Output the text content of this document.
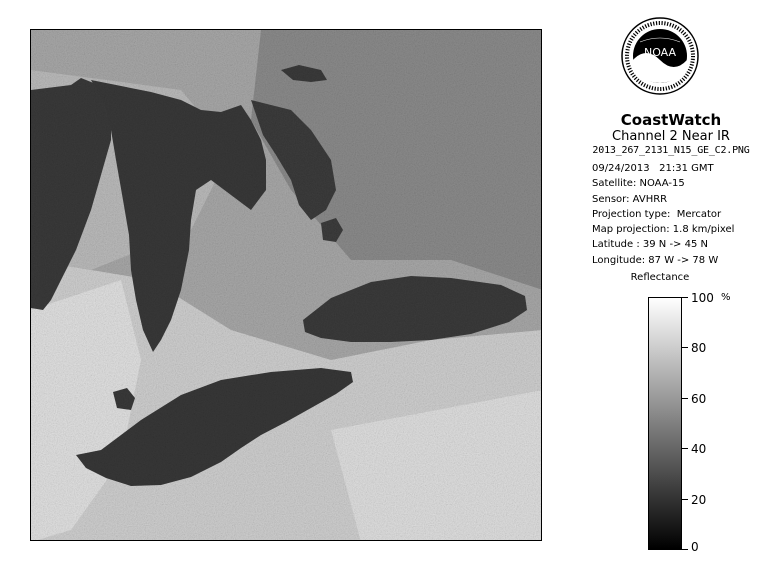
NOAA
CoastWatch
Channel 2 Near IR
2013_267_2131_N15_GE_C2.PNG
09/24/2013   21:31 GMT
Satellite: NOAA-15
Sensor: AVHRR
Projection type:  Mercator
Map projection: 1.8 km/pixel
Latitude : 39 N -> 45 N
Longitude: 87 W -> 78 W
Reflectance
%
100
80
60
40
20
0
